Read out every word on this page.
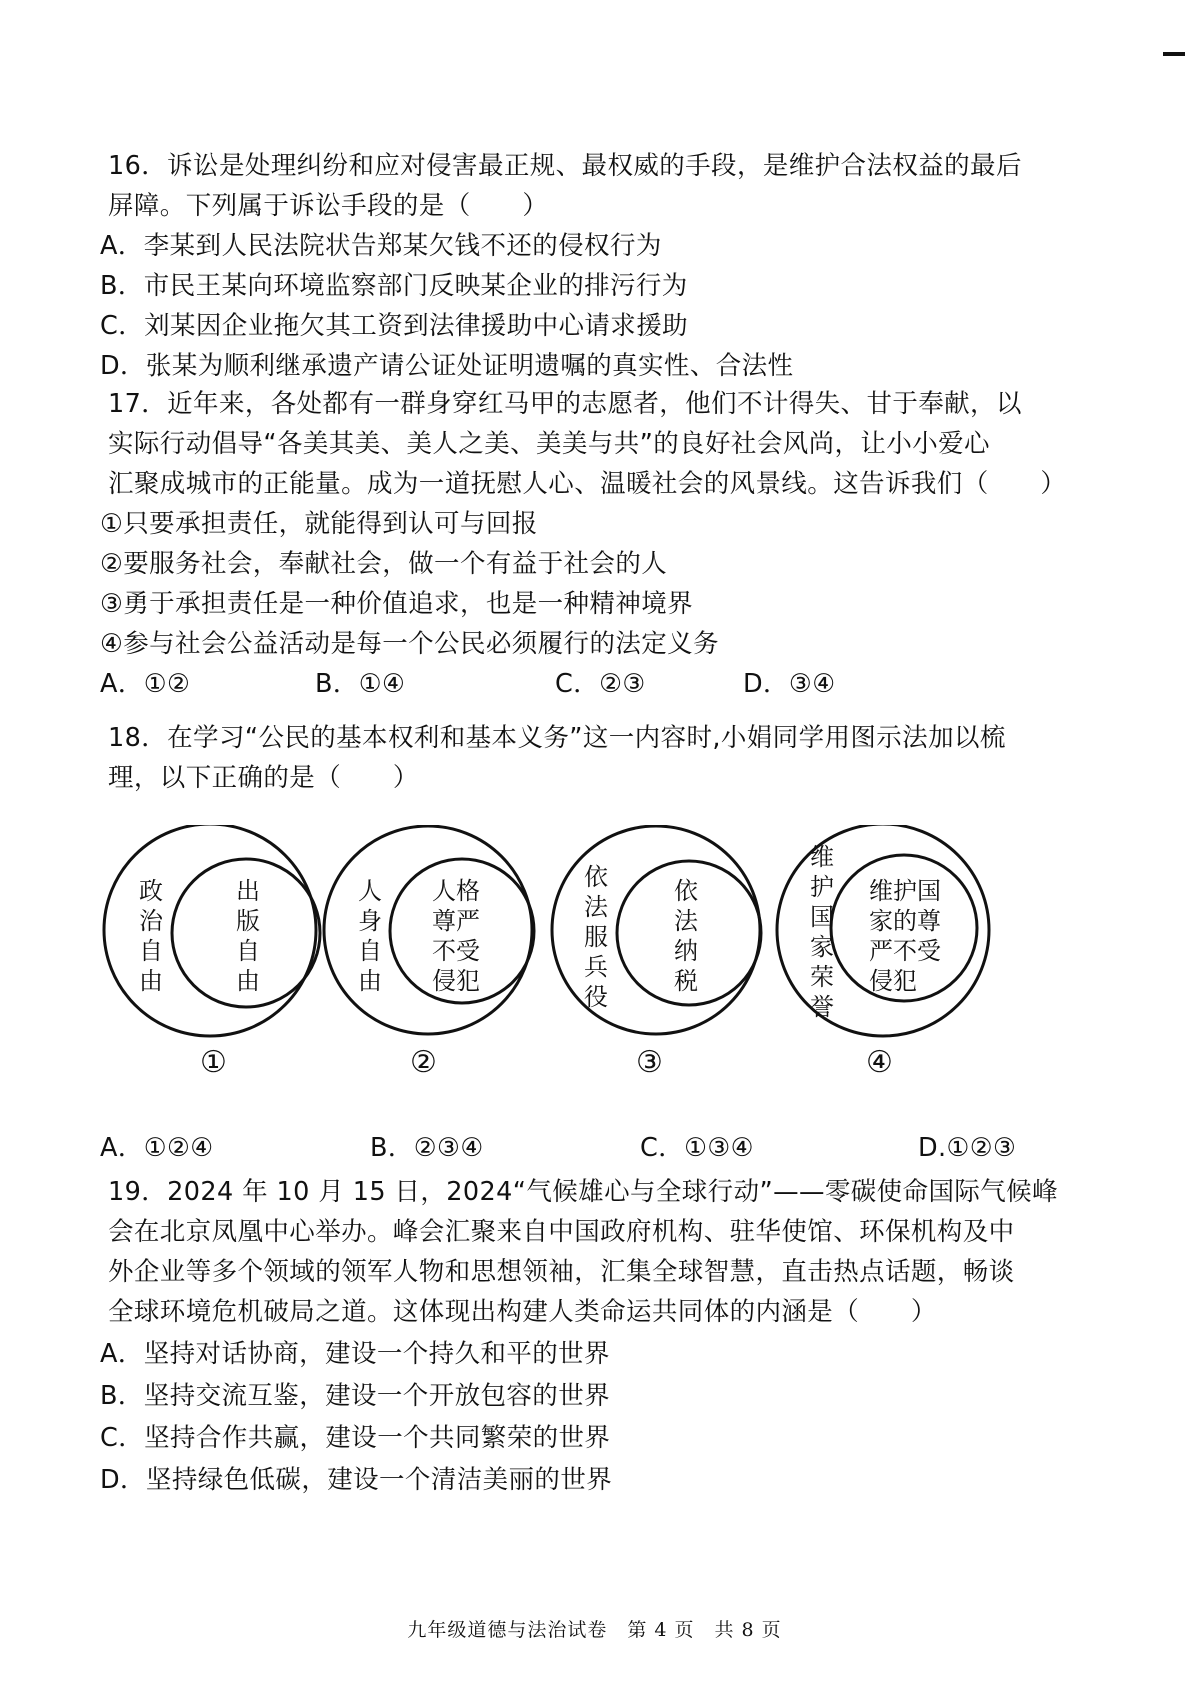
16．诉讼是处理纠纷和应对侵害最正规、最权威的手段，是维护合法权益的最后
屏障。下列属于诉讼手段的是（　　）
A．李某到人民法院状告郑某欠钱不还的侵权行为
B．市民王某向环境监察部门反映某企业的排污行为
C．刘某因企业拖欠其工资到法律援助中心请求援助
D．张某为顺利继承遗产请公证处证明遗嘱的真实性、合法性
17．近年来，各处都有一群身穿红马甲的志愿者，他们不计得失、甘于奉献，以
实际行动倡导“各美其美、美人之美、美美与共”的良好社会风尚，让小小爱心
汇聚成城市的正能量。成为一道抚慰人心、温暖社会的风景线。这告诉我们（　　）
①只要承担责任，就能得到认可与回报
②要服务社会，奉献社会，做一个有益于社会的人
③勇于承担责任是一种价值追求，也是一种精神境界
④参与社会公益活动是每一个公民必须履行的法定义务
A．①②	B．①④	C．②③	D．③④
18．在学习“公民的基本权利和基本义务”这一内容时,小娟同学用图示法加以梳
理，以下正确的是（　　）
政
治
自
由
出
版
自
由
①
人
身
自
由
人格
尊严
不受
侵犯
②
依
法
服
兵
役
依
法
纳
税
③
维
护
国
家
荣
誉
维护国
家的尊
严不受
侵犯
④
A．①②④	B．②③④	C．①③④	D.①②③
19．2024 年 10 月 15 日，2024“气候雄心与全球行动”——零碳使命国际气候峰
会在北京凤凰中心举办。峰会汇聚来自中国政府机构、驻华使馆、环保机构及中
外企业等多个领域的领军人物和思想领袖，汇集全球智慧，直击热点话题，畅谈
全球环境危机破局之道。这体现出构建人类命运共同体的内涵是（　　）
A．坚持对话协商，建设一个持久和平的世界
B．坚持交流互鉴，建设一个开放包容的世界
C．坚持合作共赢，建设一个共同繁荣的世界
D．坚持绿色低碳，建设一个清洁美丽的世界
九年级道德与法治试卷　第 4 页　共 8 页
